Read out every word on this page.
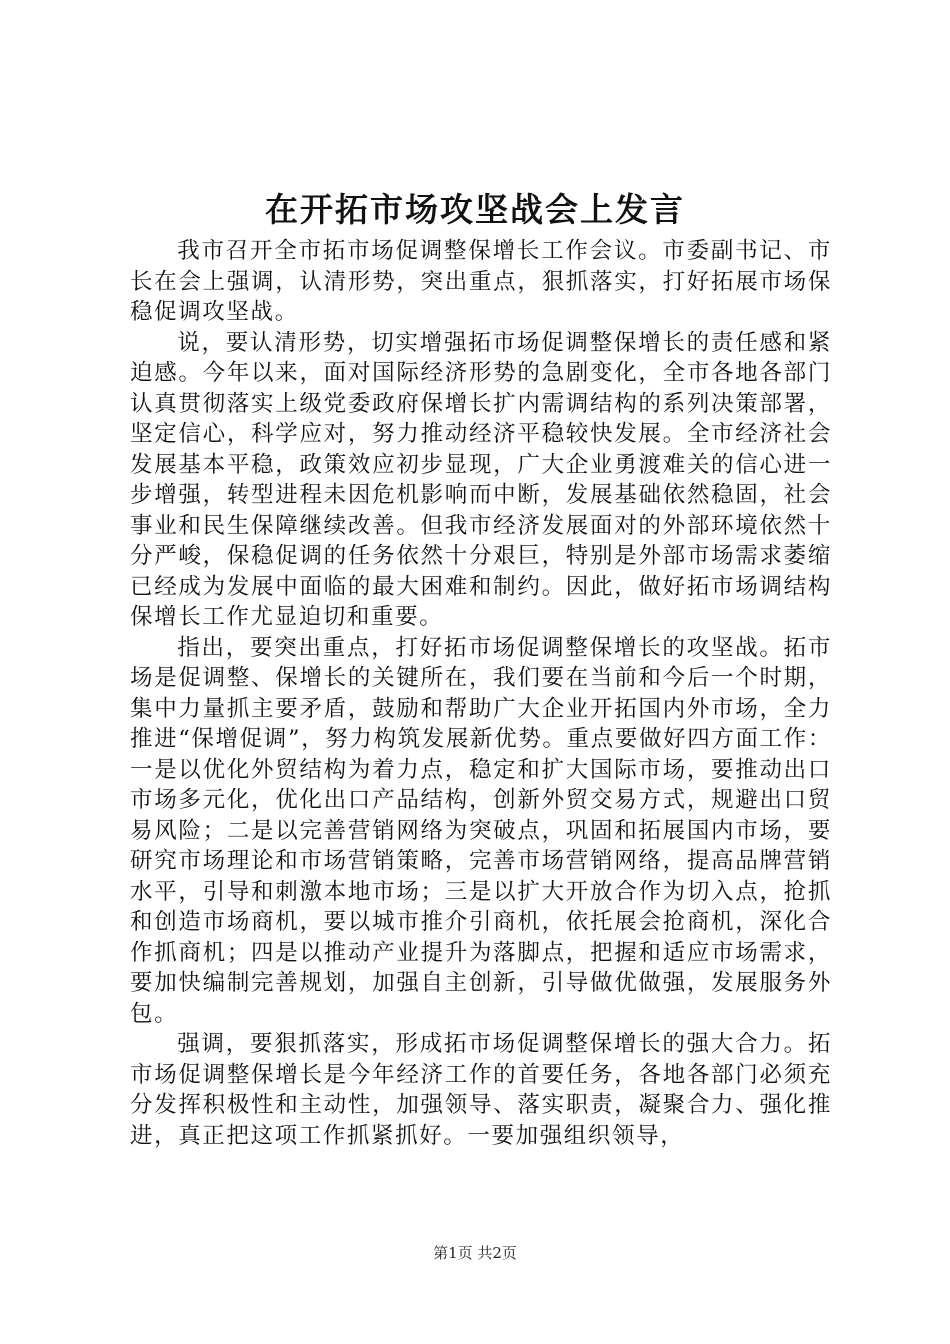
在开拓市场攻坚战会上发言

我市召开全市拓市场促调整保增长工作会议。市委副书记、市长在会上强调，认清形势，突出重点，狠抓落实，打好拓展市场保稳促调攻坚战。

说，要认清形势，切实增强拓市场促调整保增长的责任感和紧迫感。今年以来，面对国际经济形势的急剧变化，全市各地各部门认真贯彻落实上级党委政府保增长扩内需调结构的系列决策部署，坚定信心，科学应对，努力推动经济平稳较快发展。全市经济社会发展基本平稳，政策效应初步显现，广大企业勇渡难关的信心进一步增强，转型进程未因危机影响而中断，发展基础依然稳固，社会事业和民生保障继续改善。但我市经济发展面对的外部环境依然十分严峻，保稳促调的任务依然十分艰巨，特别是外部市场需求萎缩已经成为发展中面临的最大困难和制约。因此，做好拓市场调结构保增长工作尤显迫切和重要。

指出，要突出重点，打好拓市场促调整保增长的攻坚战。拓市场是促调整、保增长的关键所在，我们要在当前和今后一个时期，集中力量抓主要矛盾，鼓励和帮助广大企业开拓国内外市场，全力推进“保增促调”，努力构筑发展新优势。重点要做好四方面工作：一是以优化外贸结构为着力点，稳定和扩大国际市场，要推动出口市场多元化，优化出口产品结构，创新外贸交易方式，规避出口贸易风险；二是以完善营销网络为突破点，巩固和拓展国内市场，要研究市场理论和市场营销策略，完善市场营销网络，提高品牌营销水平，引导和刺激本地市场；三是以扩大开放合作为切入点，抢抓和创造市场商机，要以城市推介引商机，依托展会抢商机，深化合作抓商机；四是以推动产业提升为落脚点，把握和适应市场需求，要加快编制完善规划，加强自主创新，引导做优做强，发展服务外包。

强调，要狠抓落实，形成拓市场促调整保增长的强大合力。拓市场促调整保增长是今年经济工作的首要任务，各地各部门必须充分发挥积极性和主动性，加强领导、落实职责，凝聚合力、强化推进，真正把这项工作抓紧抓好。一要加强组织领导，

第1页 共2页
